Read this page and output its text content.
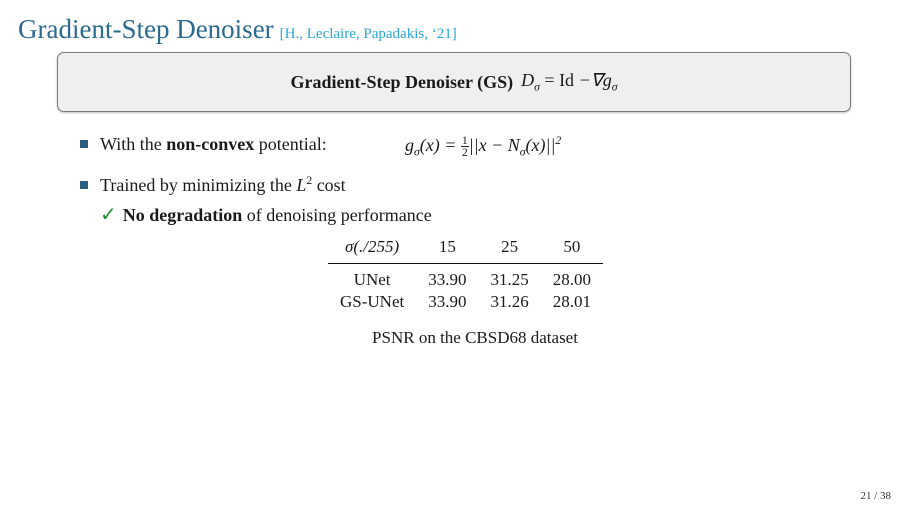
Gradient-Step Denoiser [H., Leclaire, Papadakis, ‘21]
Gradient-Step Denoiser (GS) $D_\sigma = Id -\nabla g_\sigma$
With the non-convex potential:	$g_\sigma(x) = \frac{1}{2} ||x - N_\sigma(x)||^2$
Trained by minimizing the $L^2$ cost
✓ No degradation of denoising performance
σ(./255)	15	25	50
UNet	33.90	31.25	28.00
GS-UNet	33.90	31.26	28.01
PSNR on the CBSD68 dataset
21 / 38
